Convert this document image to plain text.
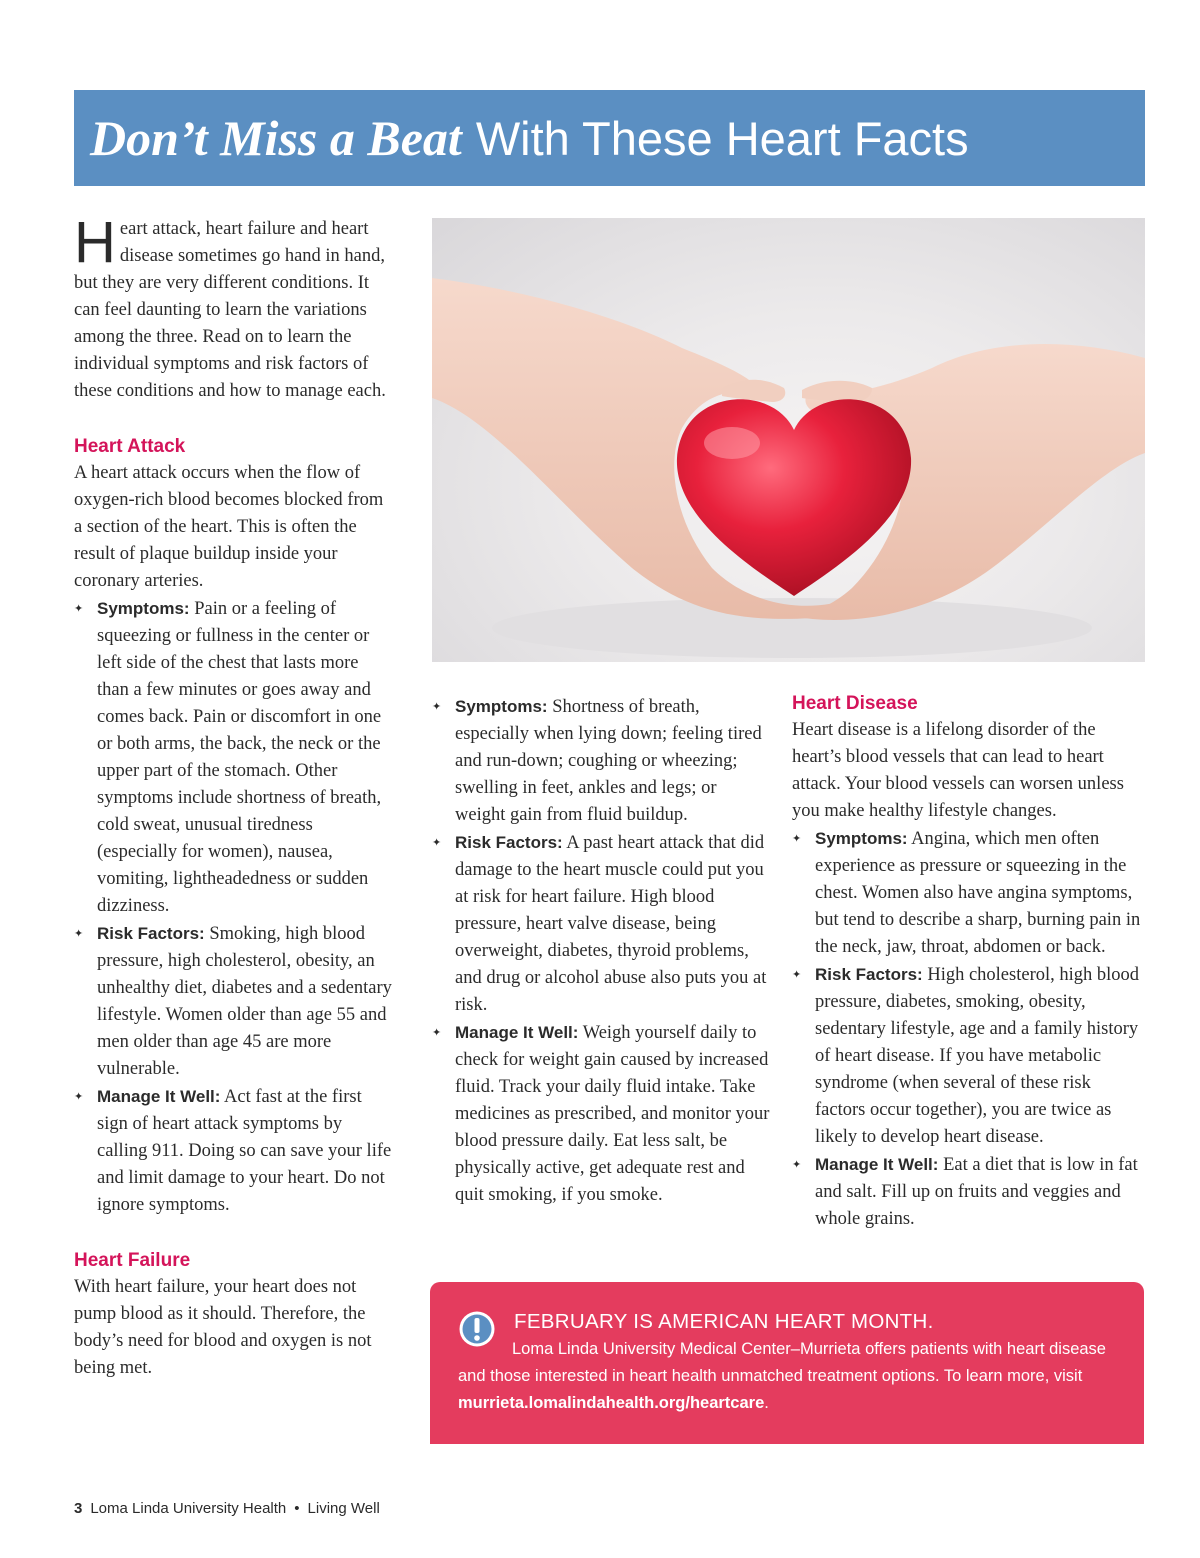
Don’t Miss a Beat With These Heart Facts

Heart attack, heart failure and heart disease sometimes go hand in hand, but they are very different conditions. It can feel daunting to learn the variations among the three. Read on to learn the individual symptoms and risk factors of these conditions and how to manage each.

Heart Attack

A heart attack occurs when the flow of oxygen-rich blood becomes blocked from a section of the heart. This is often the result of plaque buildup inside your coronary arteries.

✦ Symptoms: Pain or a feeling of squeezing or fullness in the center or left side of the chest that lasts more than a few minutes or goes away and comes back. Pain or discomfort in one or both arms, the back, the neck or the upper part of the stomach. Other symptoms include shortness of breath, cold sweat, unusual tiredness (especially for women), nausea, vomiting, lightheadedness or sudden dizziness.
✦ Risk Factors: Smoking, high blood pressure, high cholesterol, obesity, an unhealthy diet, diabetes and a sedentary lifestyle. Women older than age 55 and men older than age 45 are more vulnerable.
✦ Manage It Well: Act fast at the first sign of heart attack symptoms by calling 911. Doing so can save your life and limit damage to your heart. Do not ignore symptoms.
Heart Failure

With heart failure, your heart does not pump blood as it should. Therefore, the body’s need for blood and oxygen is not being met.

✦ Symptoms: Shortness of breath, especially when lying down; feeling tired and run-down; coughing or wheezing; swelling in feet, ankles and legs; or weight gain from fluid buildup.
✦ Risk Factors: A past heart attack that did damage to the heart muscle could put you at risk for heart failure. High blood pressure, heart valve disease, being overweight, diabetes, thyroid problems, and drug or alcohol abuse also puts you at risk.
✦ Manage It Well: Weigh yourself daily to check for weight gain caused by increased fluid. Track your daily fluid intake. Take medicines as prescribed, and monitor your blood pressure daily. Eat less salt, be physically active, get adequate rest and quit smoking, if you smoke.
Heart Disease

Heart disease is a lifelong disorder of the heart’s blood vessels that can lead to heart attack. Your blood vessels can worsen unless you make healthy lifestyle changes.

✦ Symptoms: Angina, which men often experience as pressure or squeezing in the chest. Women also have angina symptoms, but tend to describe a sharp, burning pain in the neck, jaw, throat, abdomen or back.
✦ Risk Factors: High cholesterol, high blood pressure, diabetes, smoking, obesity, sedentary lifestyle, age and a family history of heart disease. If you have metabolic syndrome (when several of these risk factors occur together), you are twice as likely to develop heart disease.
✦ Manage It Well: Eat a diet that is low in fat and salt. Fill up on fruits and veggies and whole grains.
FEBRUARY IS AMERICAN HEART MONTH.

Loma Linda University Medical Center–Murrieta offers patients with heart disease and those interested in heart health unmatched treatment options. To learn more, visit murrieta.lomalindahealth.org/heartcare.

3 Loma Linda University Health • Living Well
